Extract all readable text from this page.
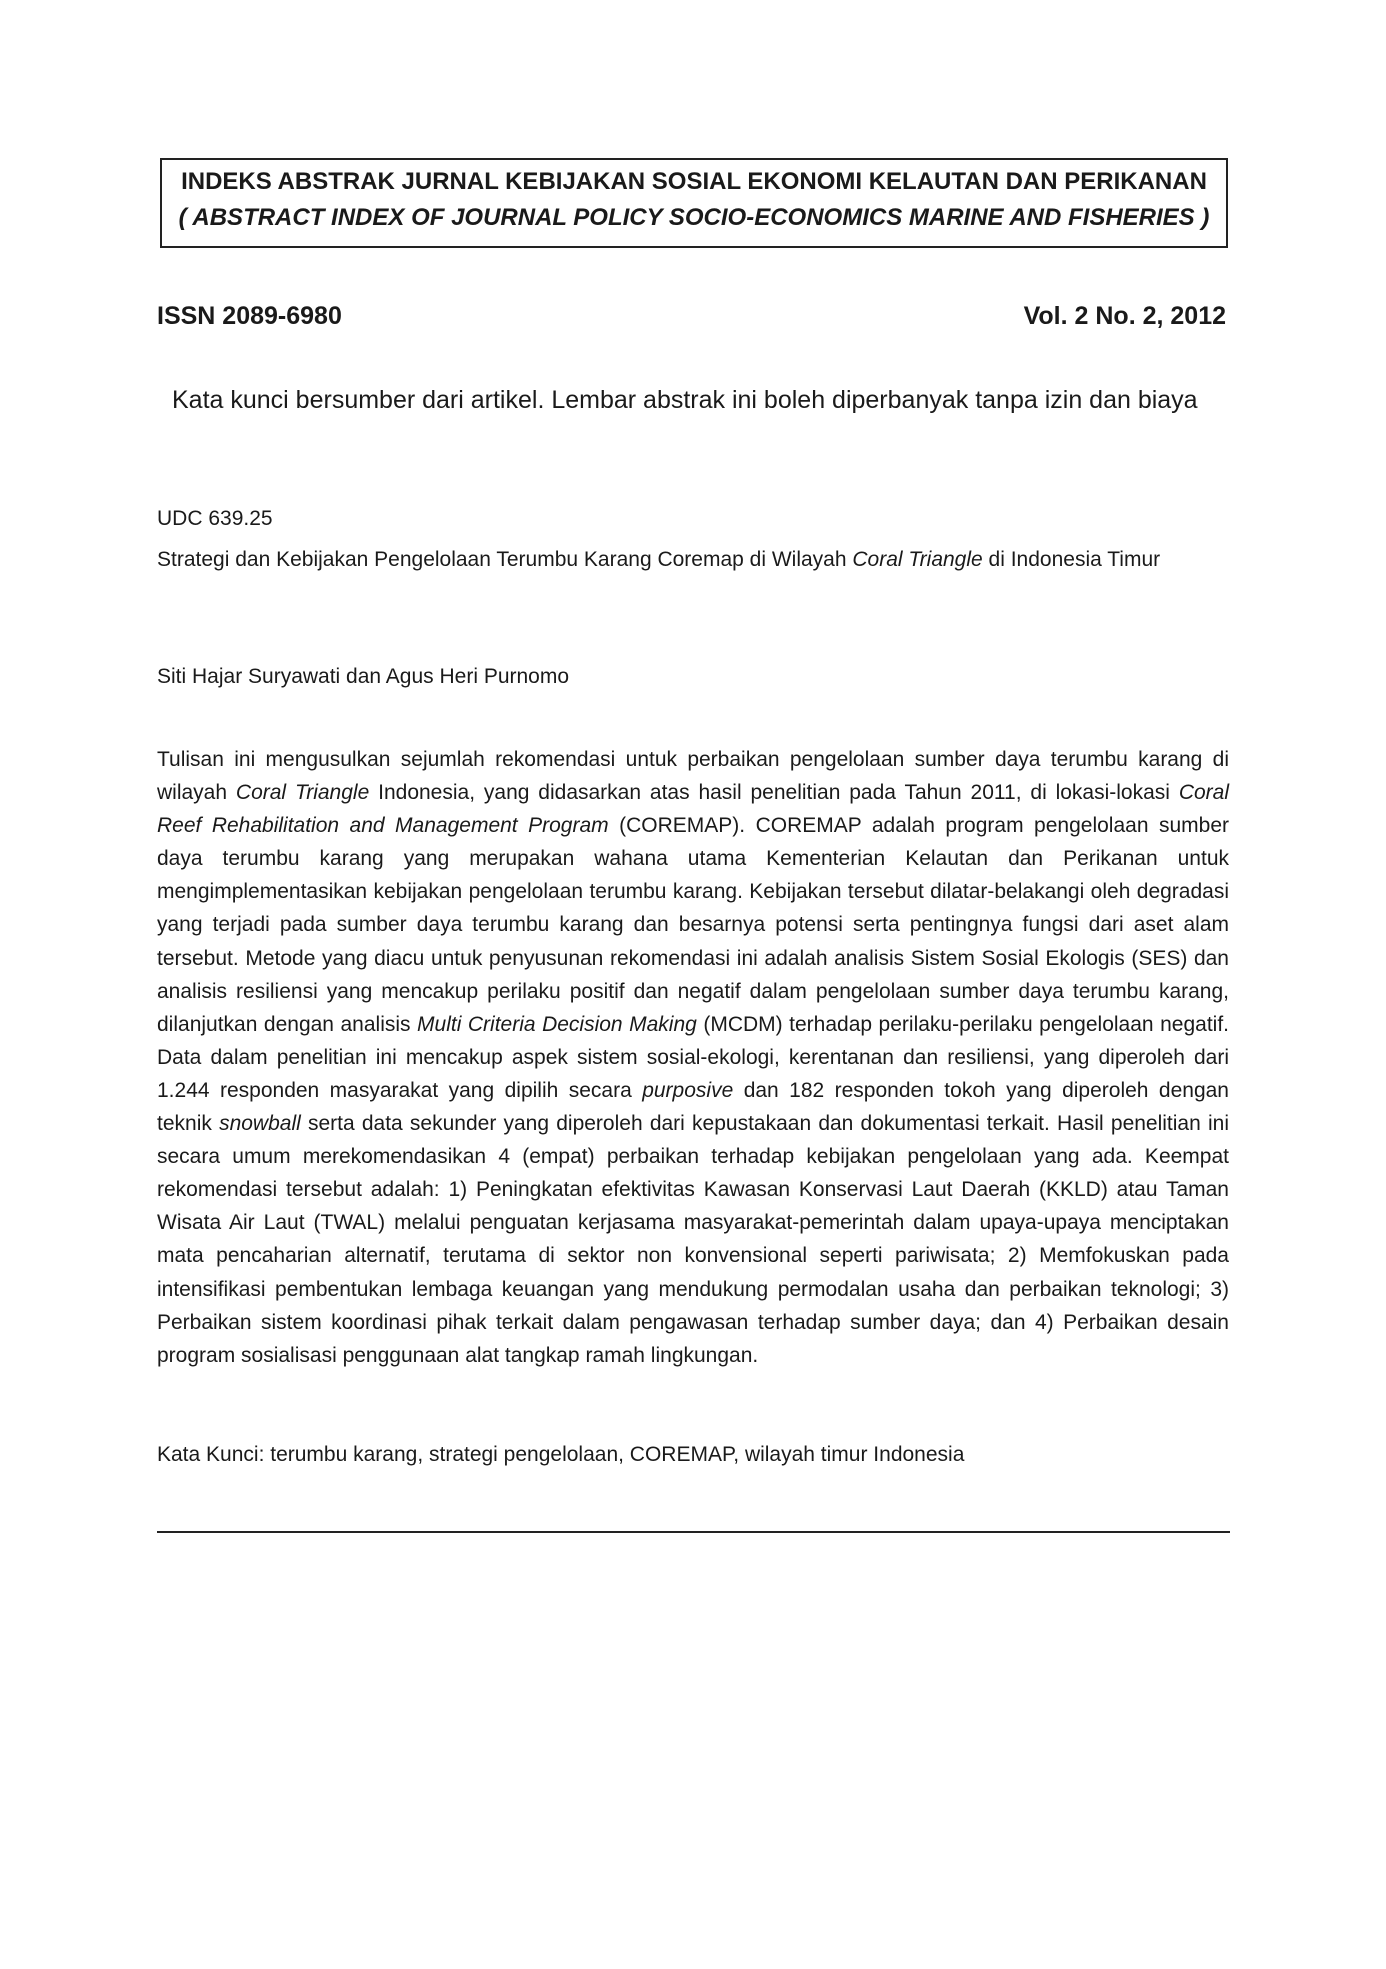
INDEKS ABSTRAK JURNAL KEBIJAKAN SOSIAL EKONOMI KELAUTAN DAN PERIKANAN
( ABSTRACT INDEX OF JOURNAL POLICY SOCIO-ECONOMICS MARINE AND FISHERIES )
ISSN 2089-6980	Vol. 2 No. 2, 2012
Kata kunci bersumber dari artikel. Lembar abstrak ini boleh diperbanyak tanpa izin dan biaya
UDC 639.25
Strategi dan Kebijakan Pengelolaan Terumbu Karang Coremap di Wilayah Coral Triangle di Indonesia Timur
Siti Hajar Suryawati dan Agus Heri Purnomo
Tulisan ini mengusulkan sejumlah rekomendasi untuk perbaikan pengelolaan sumber daya terumbu karang di wilayah Coral Triangle Indonesia, yang didasarkan atas hasil penelitian pada Tahun 2011, di lokasi-lokasi Coral Reef Rehabilitation and Management Program (COREMAP). COREMAP adalah program pengelolaan sumber daya terumbu karang yang merupakan wahana utama Kementerian Kelautan dan Perikanan untuk mengimplementasikan kebijakan pengelolaan terumbu karang. Kebijakan tersebut dilatar-belakangi oleh degradasi yang terjadi pada sumber daya terumbu karang dan besarnya potensi serta pentingnya fungsi dari aset alam tersebut. Metode yang diacu untuk penyusunan rekomendasi ini adalah analisis Sistem Sosial Ekologis (SES) dan analisis resiliensi yang mencakup perilaku positif dan negatif dalam pengelolaan sumber daya terumbu karang, dilanjutkan dengan analisis Multi Criteria Decision Making (MCDM) terhadap perilaku-perilaku pengelolaan negatif. Data dalam penelitian ini mencakup aspek sistem sosial-ekologi, kerentanan dan resiliensi, yang diperoleh dari 1.244 responden masyarakat yang dipilih secara purposive dan 182 responden tokoh yang diperoleh dengan teknik snowball serta data sekunder yang diperoleh dari kepustakaan dan dokumentasi terkait. Hasil penelitian ini secara umum merekomendasikan 4 (empat) perbaikan terhadap kebijakan pengelolaan yang ada. Keempat rekomendasi tersebut adalah: 1) Peningkatan efektivitas Kawasan Konservasi Laut Daerah (KKLD) atau Taman Wisata Air Laut (TWAL) melalui penguatan kerjasama masyarakat-pemerintah dalam upaya-upaya menciptakan mata pencaharian alternatif, terutama di sektor non konvensional seperti pariwisata; 2) Memfokuskan pada intensifikasi pembentukan lembaga keuangan yang mendukung permodalan usaha dan perbaikan teknologi; 3) Perbaikan sistem koordinasi pihak terkait dalam pengawasan terhadap sumber daya; dan 4) Perbaikan desain program sosialisasi penggunaan alat tangkap ramah lingkungan.
Kata Kunci: terumbu karang, strategi pengelolaan, COREMAP, wilayah timur Indonesia
